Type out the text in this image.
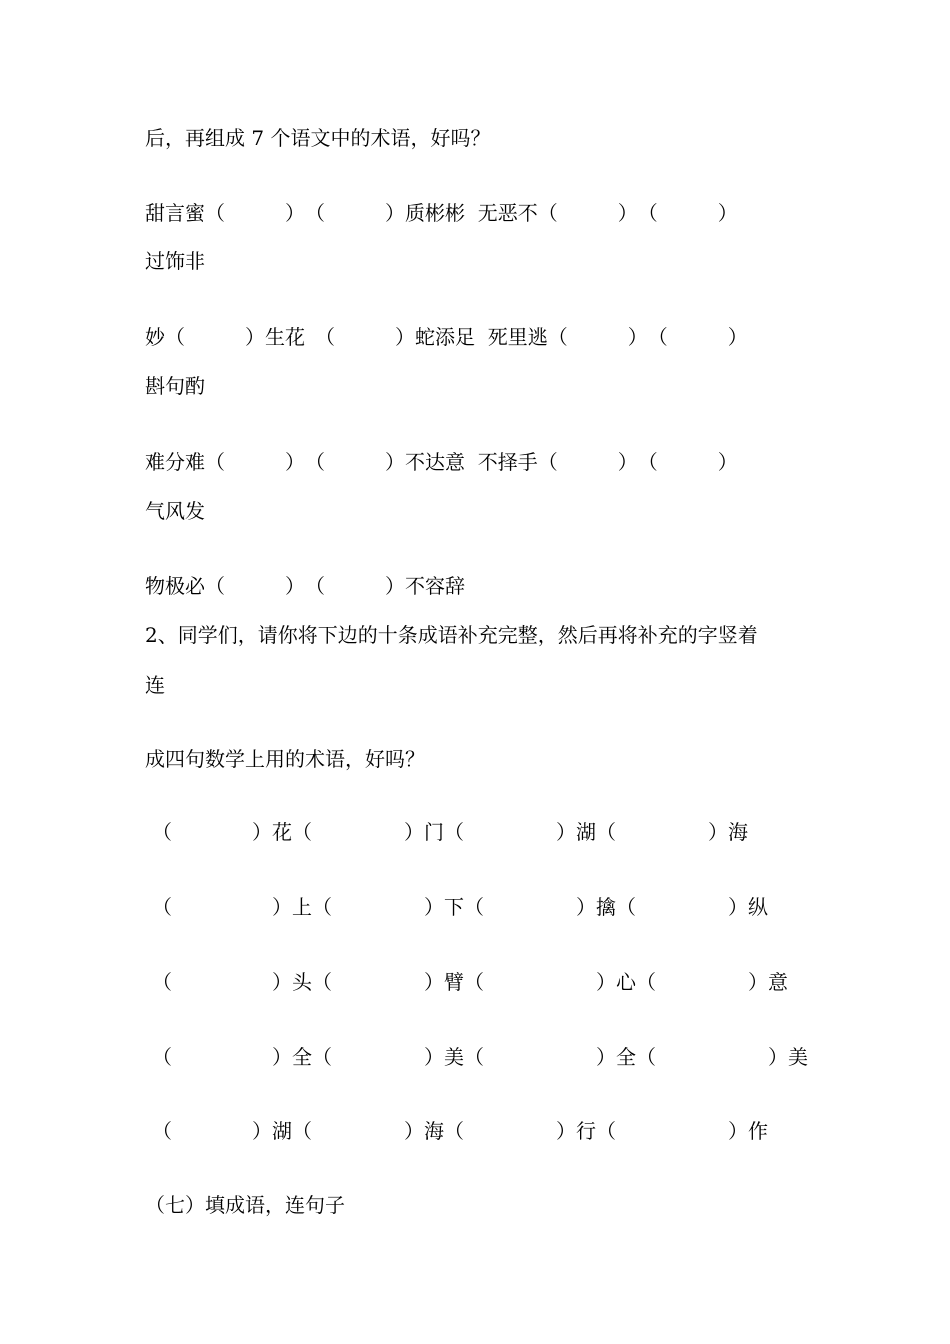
后，再组成 7 个语文中的术语，好吗？
甜言蜜（　　　）　（　　　）质彬彬  无恶不（　　　）　（　　　）
过饰非
妙（　　　）生花　（　　　）蛇添足  死里逃（　　　）　（　　　）
斟句酌
难分难（　　　）　（　　　）不达意  不择手（　　　）　（　　　）
气风发
物极必（　　　）　（　　　）不容辞
2、同学们，请你将下边的十条成语补充完整，然后再将补充的字竖着
连
成四句数学上用的术语，好吗？

（　　　　）花（

　　　　）门（

　　　　）湖（

　　　　）海

（　　　　　）上（

　　　　）下（

　　　　）擒（

　　　　）纵

（　　　　　）头（

　　　　）臂（

　　　　　）心（

　　　　）意

（　　　　　）全（

　　　　）美（

　　　　　）全（

　　　　　）美

（　　　　）湖（

　　　　）海（

　　　　）行（

　　　　　）作

（七）填成语，连句子
